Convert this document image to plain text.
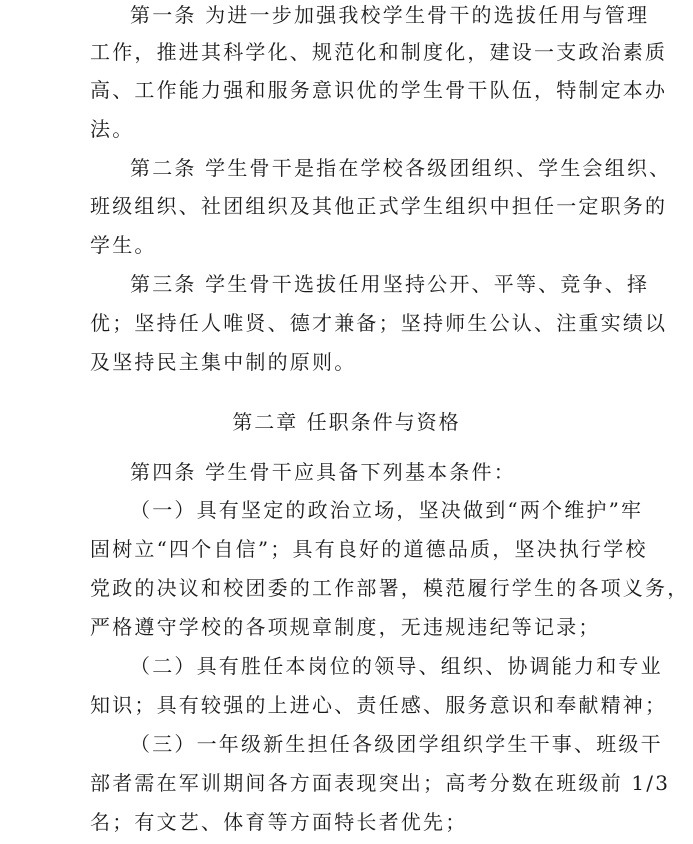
第一条 为进一步加强我校学生骨干的选拔任用与管理
工作，推进其科学化、规范化和制度化，建设一支政治素质
高、工作能力强和服务意识优的学生骨干队伍，特制定本办
法。
第二条 学生骨干是指在学校各级团组织、学生会组织、
班级组织、社团组织及其他正式学生组织中担任一定职务的
学生。
第三条 学生骨干选拔任用坚持公开、平等、竞争、择
优；坚持任人唯贤、德才兼备；坚持师生公认、注重实绩以
及坚持民主集中制的原则。
第二章 任职条件与资格
第四条 学生骨干应具备下列基本条件：
（一）具有坚定的政治立场，坚决做到“两个维护”牢
固树立“四个自信”；具有良好的道德品质，坚决执行学校
党政的决议和校团委的工作部署，模范履行学生的各项义务，
严格遵守学校的各项规章制度，无违规违纪等记录；
（二）具有胜任本岗位的领导、组织、协调能力和专业
知识；具有较强的上进心、责任感、服务意识和奉献精神；
（三）一年级新生担任各级团学组织学生干事、班级干
部者需在军训期间各方面表现突出；高考分数在班级前 1/3
名；有文艺、体育等方面特长者优先；
